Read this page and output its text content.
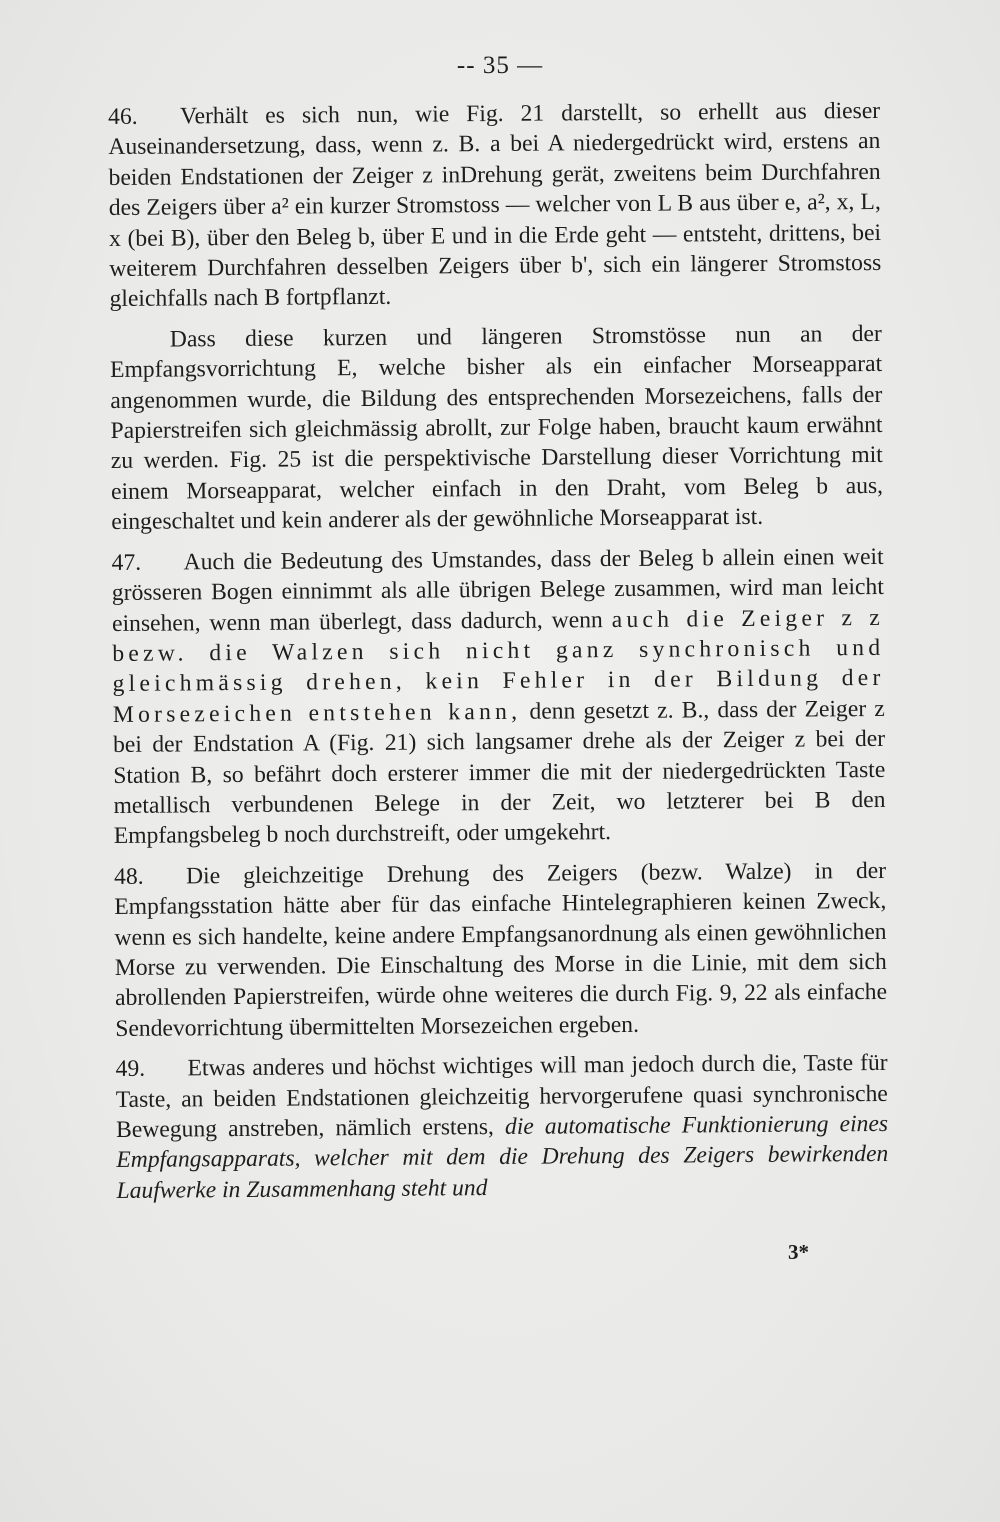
-- 35 —

46. Verhält es sich nun, wie Fig. 21 darstellt, so erhellt aus dieser Auseinandersetzung, dass, wenn z. B. a bei A niedergedrückt wird, erstens an beiden Endstationen der Zeiger z inDrehung gerät, zweitens beim Durchfahren des Zeigers über a² ein kurzer Stromstoss — welcher von L B aus über e, a², x, L, x (bei B), über den Beleg b, über E und in die Erde geht — entsteht, drittens, bei weiterem Durchfahren desselben Zeigers über b', sich ein längerer Stromstoss gleichfalls nach B fortpflanzt.

Dass diese kurzen und längeren Stromstösse nun an der Empfangsvorrichtung E, welche bisher als ein einfacher Morseapparat angenommen wurde, die Bildung des entsprechenden Morsezeichens, falls der Papierstreifen sich gleichmässig abrollt, zur Folge haben, braucht kaum erwähnt zu werden. Fig. 25 ist die perspektivische Darstellung dieser Vorrichtung mit einem Morseapparat, welcher einfach in den Draht, vom Beleg b aus, eingeschaltet und kein anderer als der gewöhnliche Morseapparat ist.

47. Auch die Bedeutung des Umstandes, dass der Beleg b allein einen weit grösseren Bogen einnimmt als alle übrigen Belege zusammen, wird man leicht einsehen, wenn man überlegt, dass dadurch, wenn auch die Zeiger z z bezw. die Walzen sich nicht ganz synchronisch und gleichmässig drehen, kein Fehler in der Bildung der Morsezeichen entstehen kann, denn gesetzt z. B., dass der Zeiger z bei der Endstation A (Fig. 21) sich langsamer drehe als der Zeiger z bei der Station B, so befährt doch ersterer immer die mit der niedergedrückten Taste metallisch verbundenen Belege in der Zeit, wo letzterer bei B den Empfangsbeleg b noch durchstreift, oder umgekehrt.

48. Die gleichzeitige Drehung des Zeigers (bezw. Walze) in der Empfangsstation hätte aber für das einfache Hintelegraphieren keinen Zweck, wenn es sich handelte, keine andere Empfangsanordnung als einen gewöhnlichen Morse zu verwenden. Die Einschaltung des Morse in die Linie, mit dem sich abrollenden Papierstreifen, würde ohne weiteres die durch Fig. 9, 22 als einfache Sendevorrichtung übermittelten Morsezeichen ergeben.

49. Etwas anderes und höchst wichtiges will man jedoch durch die, Taste für Taste, an beiden Endstationen gleichzeitig hervorgerufene quasi synchronische Bewegung anstreben, nämlich erstens, die automatische Funktionierung eines Empfangsapparats, welcher mit dem die Drehung des Zeigers bewirkenden Laufwerke in Zusammenhang steht und

3*
